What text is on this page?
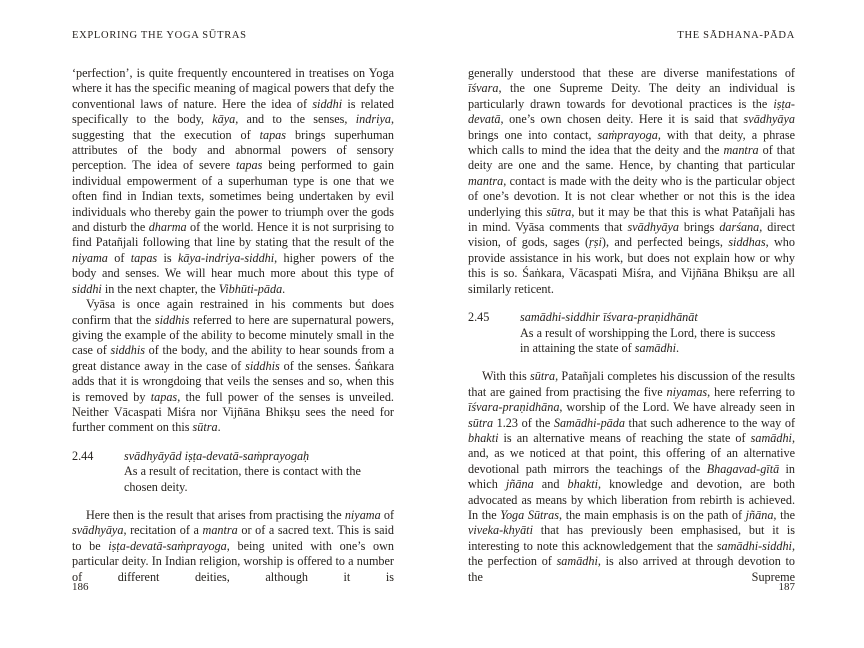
EXPLORING THE YOGA SŪTRAS

‘perfection’, is quite frequently encountered in treatises on Yoga where it has the specific meaning of magical powers that defy the conventional laws of nature. Here the idea of siddhi is related specifically to the body, kāya, and to the senses, indriya, suggesting that the execution of tapas brings superhuman attributes of the body and abnormal powers of sensory perception. The idea of severe tapas being performed to gain individual empowerment of a superhuman type is one that we often find in Indian texts, sometimes being undertaken by evil individuals who thereby gain the power to triumph over the gods and disturb the dharma of the world. Hence it is not surprising to find Patañjali following that line by stating that the result of the niyama of tapas is kāya-indriya-siddhi, higher powers of the body and senses. We will hear much more about this type of siddhi in the next chapter, the Vibhūti-pāda.

Vyāsa is once again restrained in his comments but does confirm that the siddhis referred to here are supernatural powers, giving the example of the ability to become minutely small in the case of siddhis of the body, and the ability to hear sounds from a great distance away in the case of siddhis of the senses. Śaṅkara adds that it is wrongdoing that veils the senses and so, when this is removed by tapas, the full power of the senses is unveiled. Neither Vācaspati Miśra nor Vijñāna Bhikṣu sees the need for further comment on this sūtra.

2.44	svādhyāyād iṣṭa-devatā-saṁprayogaḥ
As a result of recitation, there is contact with the chosen deity.

Here then is the result that arises from practising the niyama of svādhyāya, recitation of a mantra or of a sacred text. This is said to be iṣṭa-devatā-saṁprayoga, being united with one’s own particular deity. In Indian religion, worship is offered to a number of different deities, although it is

186
THE SĀDHANA-PĀDA

generally understood that these are diverse manifestations of īśvara, the one Supreme Deity. The deity an individual is particularly drawn towards for devotional practices is the iṣṭa-devatā, one’s own chosen deity. Here it is said that svādhyāya brings one into contact, saṁprayoga, with that deity, a phrase which calls to mind the idea that the deity and the mantra of that deity are one and the same. Hence, by chanting that particular mantra, contact is made with the deity who is the particular object of one’s devotion. It is not clear whether or not this is the idea underlying this sūtra, but it may be that this is what Patañjali has in mind. Vyāsa comments that svādhyāya brings darśana, direct vision, of gods, sages (ṛṣi), and perfected beings, siddhas, who provide assistance in his work, but does not explain how or why this is so. Śaṅkara, Vācaspati Miśra, and Vijñāna Bhikṣu are all similarly reticent.

2.45	samādhi-siddhir īśvara-praṇidhānāt
As a result of worshipping the Lord, there is success in attaining the state of samādhi.

With this sūtra, Patañjali completes his discussion of the results that are gained from practising the five niyamas, here referring to īśvara-praṇidhāna, worship of the Lord. We have already seen in sūtra 1.23 of the Samādhi-pāda that such adherence to the way of bhakti is an alternative means of reaching the state of samādhi, and, as we noticed at that point, this offering of an alternative devotional path mirrors the teachings of the Bhagavad-gītā in which jñāna and bhakti, knowledge and devotion, are both advocated as means by which liberation from rebirth is achieved. In the Yoga Sūtras, the main emphasis is on the path of jñāna, the viveka-khyāti that has previously been emphasised, but it is interesting to note this acknowledgement that the samādhi-siddhi, the perfection of samādhi, is also arrived at through devotion to the Supreme

187
